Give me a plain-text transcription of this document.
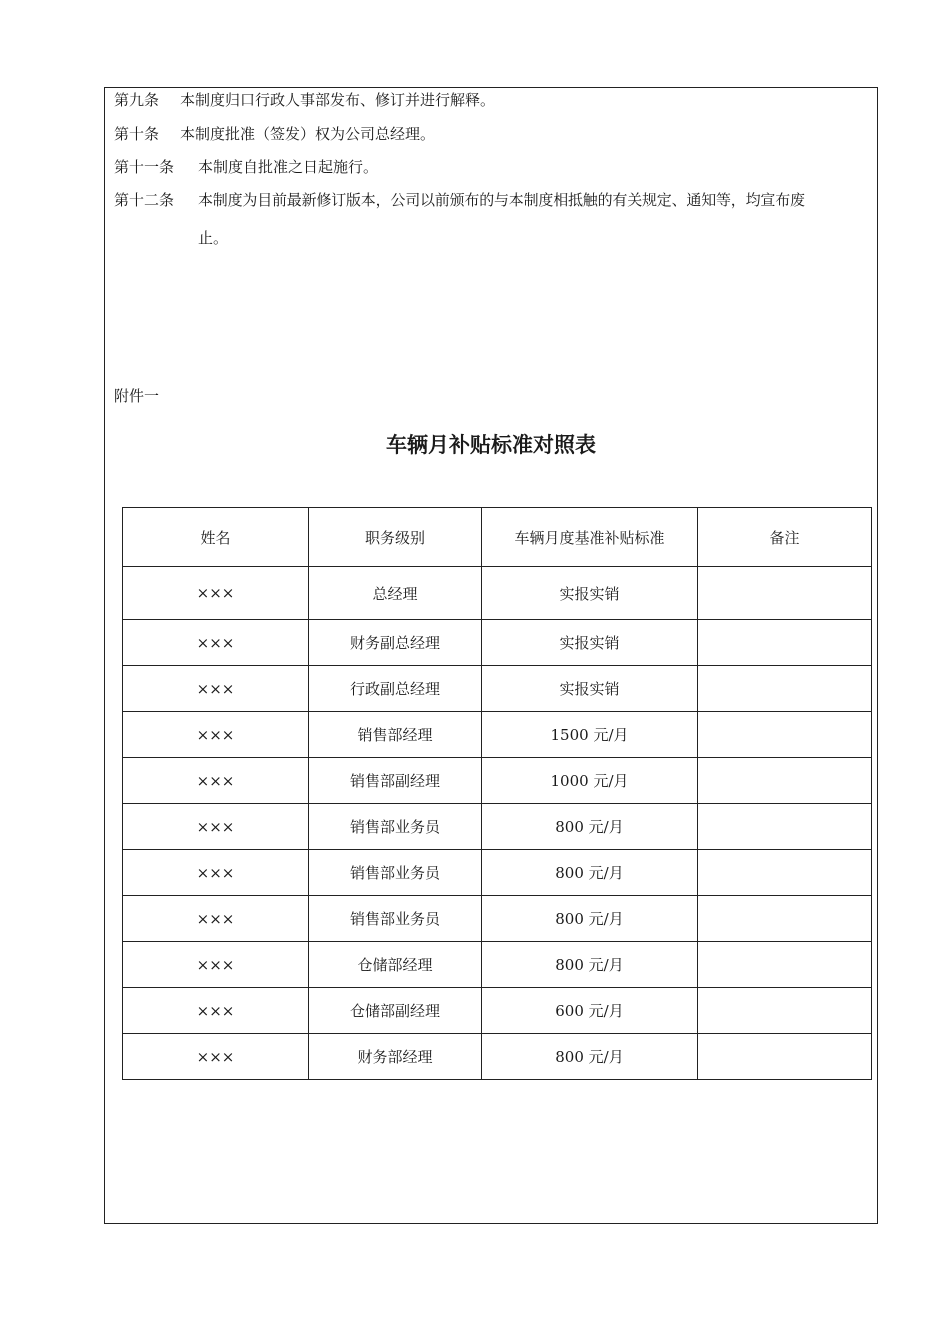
第九条 本制度归口行政人事部发布、修订并进行解释。
第十条 本制度批准（签发）权为公司总经理。
第十一条 本制度自批准之日起施行。
第十二条	本制度为目前最新修订版本，公司以前颁布的与本制度相抵触的有关规定、通知等，均宣布废
止。
附件一
车辆月补贴标准对照表
姓名	职务级别	车辆月度基准补贴标准	备注
×××	总经理	实报实销	
×××	财务副总经理	实报实销	
×××	行政副总经理	实报实销	
×××	销售部经理	1500 元/月	
×××	销售部副经理	1000 元/月	
×××	销售部业务员	800 元/月	
×××	销售部业务员	800 元/月	
×××	销售部业务员	800 元/月	
×××	仓储部经理	800 元/月	
×××	仓储部副经理	600 元/月	
×××	财务部经理	800 元/月	
